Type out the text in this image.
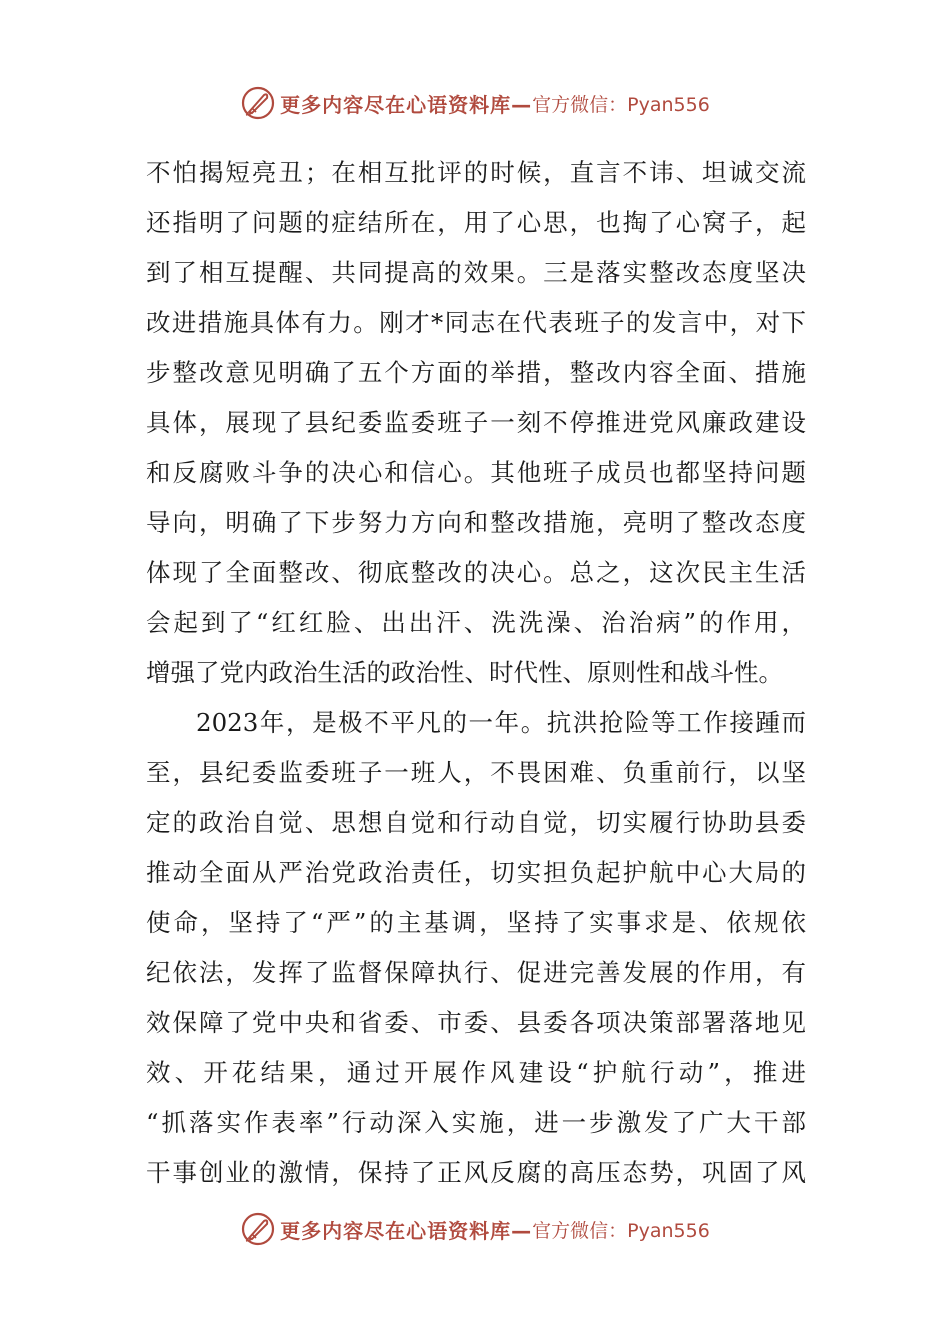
更多内容尽在心语资料库— 官方微信：Pyan556
不怕揭短亮丑；在相互批评的时候，直言不讳、坦诚交流
还指明了问题的症结所在，用了心思，也掏了心窝子，起
到了相互提醒、共同提高的效果。三是落实整改态度坚决
改进措施具体有力。刚才*同志在代表班子的发言中，对下
步整改意见明确了五个方面的举措，整改内容全面、措施
具体，展现了县纪委监委班子一刻不停推进党风廉政建设
和反腐败斗争的决心和信心。其他班子成员也都坚持问题
导向，明确了下步努力方向和整改措施，亮明了整改态度
体现了全面整改、彻底整改的决心。总之，这次民主生活
会起到了“红红脸、出出汗、洗洗澡、治治病”的作用，
增强了党内政治生活的政治性、时代性、原则性和战斗性。
2023年，是极不平凡的一年。抗洪抢险等工作接踵而
至，县纪委监委班子一班人，不畏困难、负重前行，以坚
定的政治自觉、思想自觉和行动自觉，切实履行协助县委
推动全面从严治党政治责任，切实担负起护航中心大局的
使命，坚持了“严”的主基调，坚持了实事求是、依规依
纪依法，发挥了监督保障执行、促进完善发展的作用，有
效保障了党中央和省委、市委、县委各项决策部署落地见
效、开花结果，通过开展作风建设“护航行动”，推进
“抓落实作表率”行动深入实施，进一步激发了广大干部
干事创业的激情，保持了正风反腐的高压态势，巩固了风
更多内容尽在心语资料库— 官方微信：Pyan556
